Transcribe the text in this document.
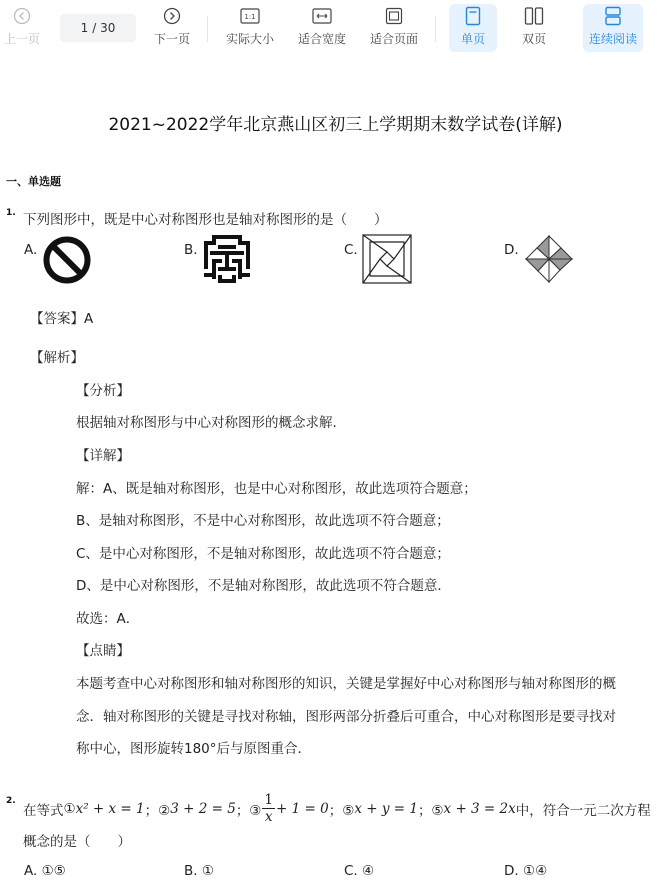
上一页
1 / 30
下一页
1:1
实际大小 适合宽度 适合页面	单页	双页	连续阅读
2021~2022学年北京燕山区初三上学期期末数学试卷(详解)
一、单选题
1. 下列图形中，既是中心对称图形也是轴对称图形的是（　　）
A.	B.	C.	D.
【答案】A
【解析】
【分析】
根据轴对称图形与中心对称图形的概念求解．
【详解】
解：A、既是轴对称图形，也是中心对称图形，故此选项符合题意；
B、是轴对称图形，不是中心对称图形，故此选项不符合题意；
C、是中心对称图形，不是轴对称图形，故此选项不符合题意；
D、是中心对称图形，不是轴对称图形，故此选项不符合题意．
故选：A．
【点睛】
本题考查中心对称图形和轴对称图形的知识，关键是掌握好中心对称图形与轴对称图形的概
念．轴对称图形的关键是寻找对称轴，图形两部分折叠后可重合，中心对称图形是要寻找对
称中心，图形旋转180°后与原图重合．
2.
在等式 ① x² + x = 1 ；② 3 + 2 = 5 ；③ $\frac{1}{x} + 1 = 0$ ；⑤ x + y = 1 ；⑤ x + 3 = 2x 中，符合一元二次方程
概念的是（　　）
A. ①⑤	B. ①	C. ④	D. ①④
